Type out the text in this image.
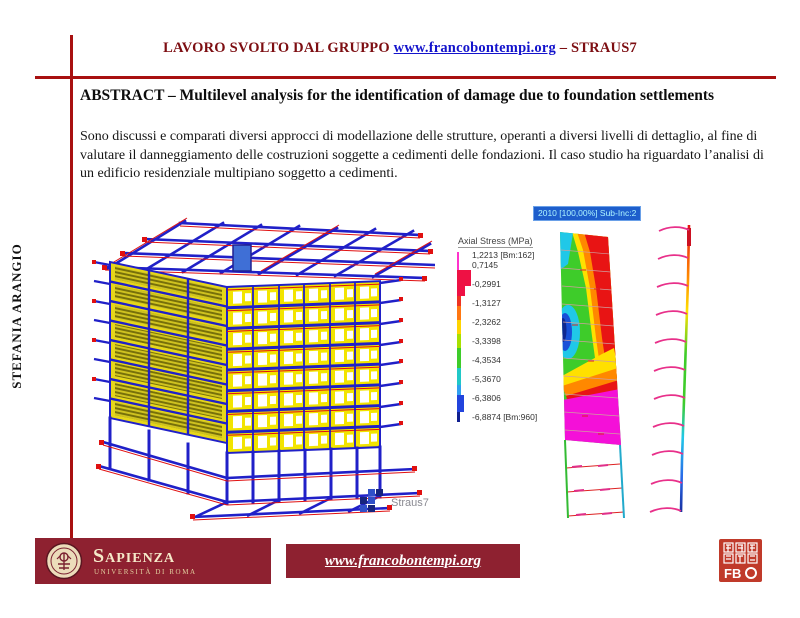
LAVORO SVOLTO DAL GRUPPO www.francobontempi.org – STRAUS7
STEFANIA ARANGIO
ABSTRACT – Multilevel analysis for the identification of damage due to foundation settlements
Sono discussi e comparati diversi approcci di modellazione delle strutture, operanti a diversi livelli di dettaglio, al fine di valutare il danneggiamento delle costruzioni soggette a cedimenti delle fondazioni. Il caso studio ha riguardato l’analisi di un edificio residenziale multipiano soggetto a cedimenti.
Straus7
2010 [100,00%] Sub-Inc:2
Axial Stress (MPa)
1,2213 [Bm:162]
0,7145
-0,2991
-1,3127
-2,3262
-3,3398
-4,3534
-5,3670
-6,3806
-6,8874 [Bm:960]
Sapienza
UNIVERSITÀ DI ROMA
www.francobontempi.org
FB
